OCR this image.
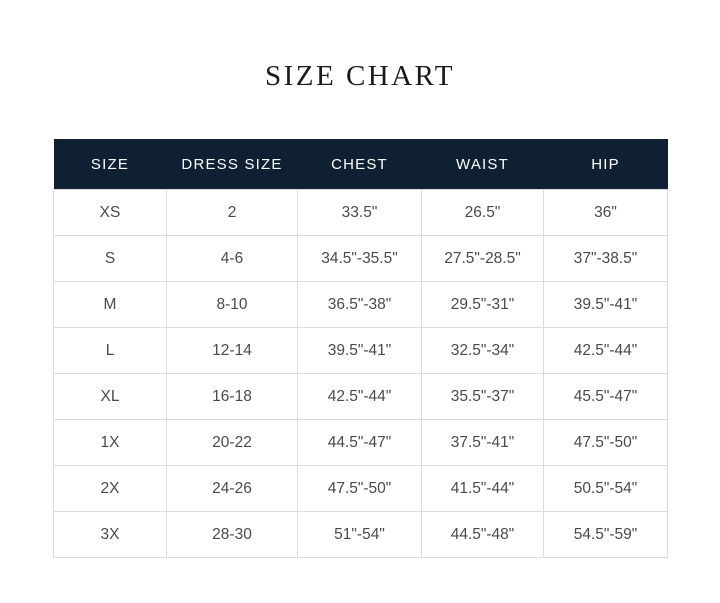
SIZE CHART
SIZE	DRESS SIZE	CHEST	WAIST	HIP
XS	2	33.5"	26.5"	36"
S	4-6	34.5"-35.5"	27.5"-28.5"	37"-38.5"
M	8-10	36.5"-38"	29.5"-31"	39.5"-41"
L	12-14	39.5"-41"	32.5"-34"	42.5"-44"
XL	16-18	42.5"-44"	35.5"-37"	45.5"-47"
1X	20-22	44.5"-47"	37.5"-41"	47.5"-50"
2X	24-26	47.5"-50"	41.5"-44"	50.5"-54"
3X	28-30	51"-54"	44.5"-48"	54.5"-59"
